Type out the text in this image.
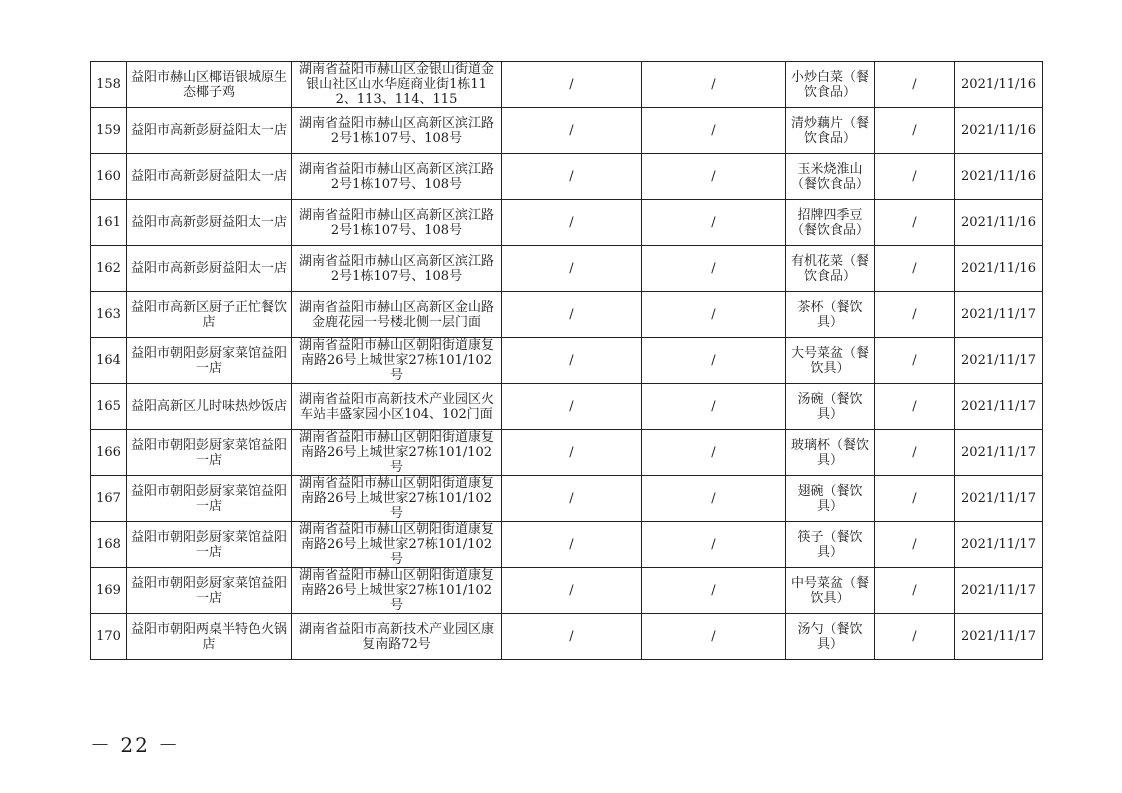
158	益阳市赫山区椰语银城原生态椰子鸡	湖南省益阳市赫山区金银山街道金银山社区山水华庭商业街1栋112、113、114、115	/	/	小炒白菜（餐饮食品）	/	2021/11/16
159	益阳市高新彭厨益阳太一店	湖南省益阳市赫山区高新区滨江路2号1栋107号、108号	/	/	清炒藕片（餐饮食品）	/	2021/11/16
160	益阳市高新彭厨益阳太一店	湖南省益阳市赫山区高新区滨江路2号1栋107号、108号	/	/	玉米烧淮山（餐饮食品）	/	2021/11/16
161	益阳市高新彭厨益阳太一店	湖南省益阳市赫山区高新区滨江路2号1栋107号、108号	/	/	招牌四季豆（餐饮食品）	/	2021/11/16
162	益阳市高新彭厨益阳太一店	湖南省益阳市赫山区高新区滨江路2号1栋107号、108号	/	/	有机花菜（餐饮食品）	/	2021/11/16
163	益阳市高新区厨子正忙餐饮店	湖南省益阳市赫山区高新区金山路金鹿花园一号楼北侧一层门面	/	/	茶杯（餐饮具）	/	2021/11/17
164	益阳市朝阳彭厨家菜馆益阳一店	湖南省益阳市赫山区朝阳街道康复南路26号上城世家27栋101/102号	/	/	大号菜盆（餐饮具）	/	2021/11/17
165	益阳高新区儿时味热炒饭店	湖南省益阳市高新技术产业园区火车站丰盛家园小区104、102门面	/	/	汤碗（餐饮具）	/	2021/11/17
166	益阳市朝阳彭厨家菜馆益阳一店	湖南省益阳市赫山区朝阳街道康复南路26号上城世家27栋101/102号	/	/	玻璃杯（餐饮具）	/	2021/11/17
167	益阳市朝阳彭厨家菜馆益阳一店	湖南省益阳市赫山区朝阳街道康复南路26号上城世家27栋101/102号	/	/	翅碗（餐饮具）	/	2021/11/17
168	益阳市朝阳彭厨家菜馆益阳一店	湖南省益阳市赫山区朝阳街道康复南路26号上城世家27栋101/102号	/	/	筷子（餐饮具）	/	2021/11/17
169	益阳市朝阳彭厨家菜馆益阳一店	湖南省益阳市赫山区朝阳街道康复南路26号上城世家27栋101/102号	/	/	中号菜盆（餐饮具）	/	2021/11/17
170	益阳市朝阳两桌半特色火锅店	湖南省益阳市高新技术产业园区康复南路72号	/	/	汤勺（餐饮具）	/	2021/11/17
－ 22 －
